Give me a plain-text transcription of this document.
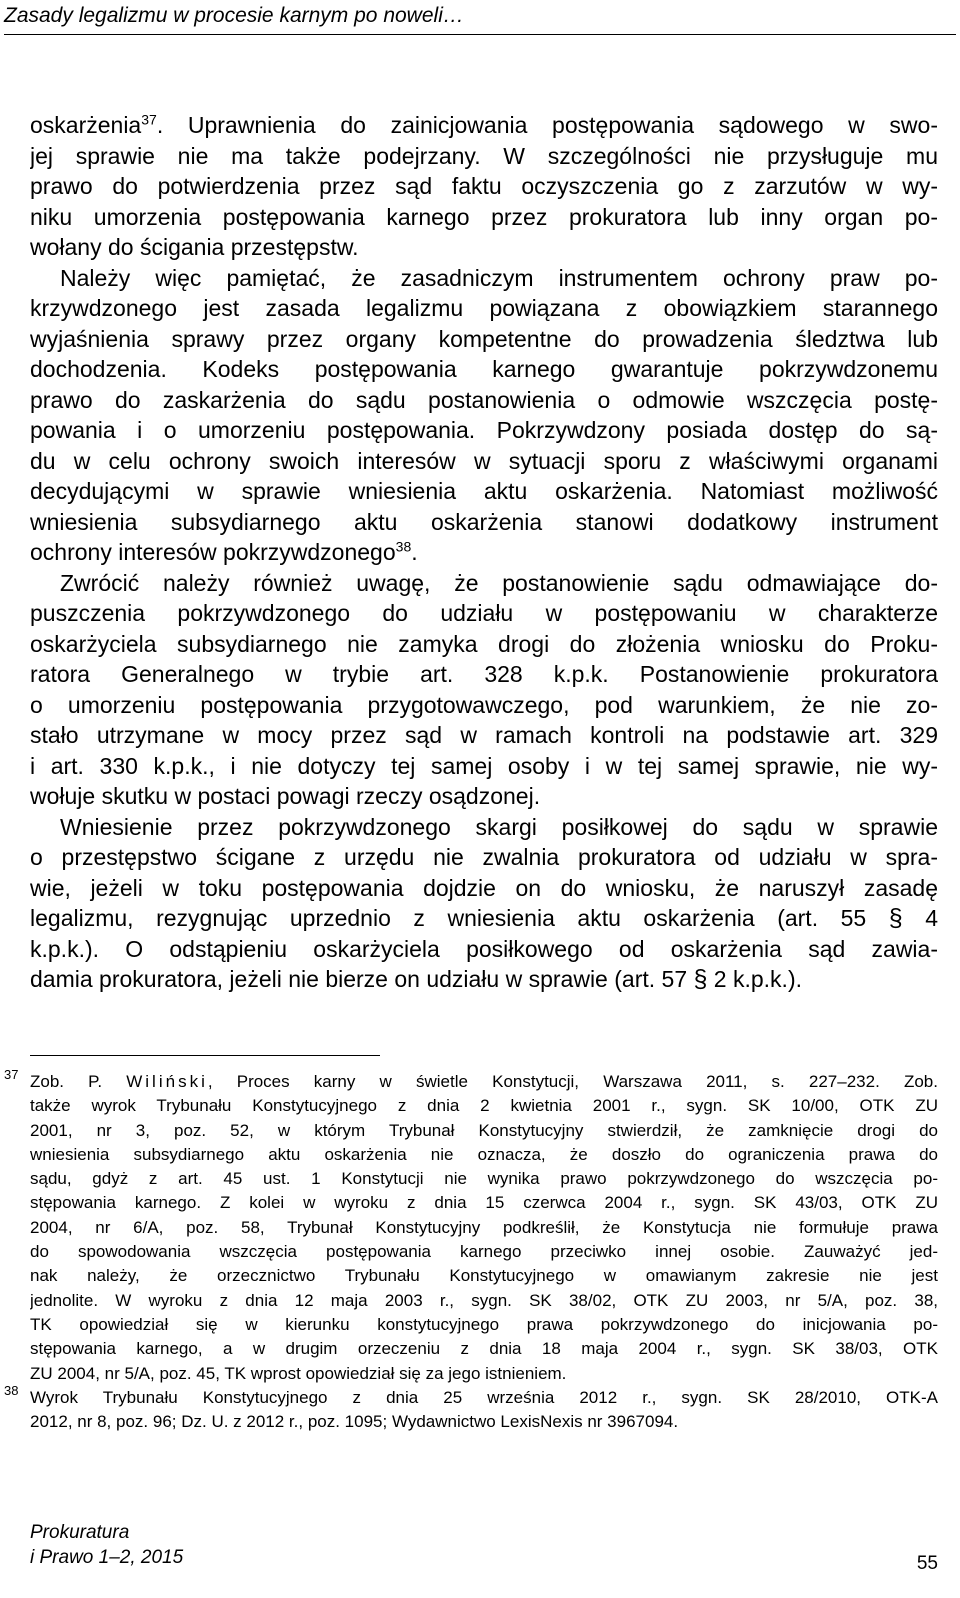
Zasady legalizmu w procesie karnym po noweli…

oskarżenia$^{37}$. Uprawnienia do zainicjowania postępowania sądowego w swo-
jej sprawie nie ma także podejrzany. W szczególności nie przysługuje mu
prawo do potwierdzenia przez sąd faktu oczyszczenia go z zarzutów w wy-
niku umorzenia postępowania karnego przez prokuratora lub inny organ po-
wołany do ścigania przestępstw.

Należy więc pamiętać, że zasadniczym instrumentem ochrony praw po-
krzywdzonego jest zasada legalizmu powiązana z obowiązkiem starannego
wyjaśnienia sprawy przez organy kompetentne do prowadzenia śledztwa lub
dochodzenia. Kodeks postępowania karnego gwarantuje pokrzywdzonemu
prawo do zaskarżenia do sądu postanowienia o odmowie wszczęcia postę-
powania i o umorzeniu postępowania. Pokrzywdzony posiada dostęp do są-
du w celu ochrony swoich interesów w sytuacji sporu z właściwymi organami
decydującymi w sprawie wniesienia aktu oskarżenia. Natomiast możliwość
wniesienia subsydiarnego aktu oskarżenia stanowi dodatkowy instrument
ochrony interesów pokrzywdzonego$^{38}$.

Zwrócić należy również uwagę, że postanowienie sądu odmawiające do-
puszczenia pokrzywdzonego do udziału w postępowaniu w charakterze
oskarżyciela subsydiarnego nie zamyka drogi do złożenia wniosku do Proku-
ratora Generalnego w trybie art. 328 k.p.k. Postanowienie prokuratora
o umorzeniu postępowania przygotowawczego, pod warunkiem, że nie zo-
stało utrzymane w mocy przez sąd w ramach kontroli na podstawie art. 329
i art. 330 k.p.k., i nie dotyczy tej samej osoby i w tej samej sprawie, nie wy-
wołuje skutku w postaci powagi rzeczy osądzonej.

Wniesienie przez pokrzywdzonego skargi posiłkowej do sądu w sprawie
o przestępstwo ścigane z urzędu nie zwalnia prokuratora od udziału w spra-
wie, jeżeli w toku postępowania dojdzie on do wniosku, że naruszył zasadę
legalizmu, rezygnując uprzednio z wniesienia aktu oskarżenia (art. 55 § 4
k.p.k.). O odstąpieniu oskarżyciela posiłkowego od oskarżenia sąd zawia-
damia prokuratora, jeżeli nie bierze on udziału w sprawie (art. 57 § 2 k.p.k.).

37 Zob. P. Wiliński, Proces karny w świetle Konstytucji, Warszawa 2011, s. 227–232. Zob.
także wyrok Trybunału Konstytucyjnego z dnia 2 kwietnia 2001 r., sygn. SK 10/00, OTK ZU
2001, nr 3, poz. 52, w którym Trybunał Konstytucyjny stwierdził, że zamknięcie drogi do
wniesienia subsydiarnego aktu oskarżenia nie oznacza, że doszło do ograniczenia prawa do
sądu, gdyż z art. 45 ust. 1 Konstytucji nie wynika prawo pokrzywdzonego do wszczęcia po-
stępowania karnego. Z kolei w wyroku z dnia 15 czerwca 2004 r., sygn. SK 43/03, OTK ZU
2004, nr 6/A, poz. 58, Trybunał Konstytucyjny podkreślił, że Konstytucja nie formułuje prawa
do spowodowania wszczęcia postępowania karnego przeciwko innej osobie. Zauważyć jed-
nak należy, że orzecznictwo Trybunału Konstytucyjnego w omawianym zakresie nie jest
jednolite. W wyroku z dnia 12 maja 2003 r., sygn. SK 38/02, OTK ZU 2003, nr 5/A, poz. 38,
TK opowiedział się w kierunku konstytucyjnego prawa pokrzywdzonego do inicjowania po-
stępowania karnego, a w drugim orzeczeniu z dnia 18 maja 2004 r., sygn. SK 38/03, OTK
ZU 2004, nr 5/A, poz. 45, TK wprost opowiedział się za jego istnieniem.
38 Wyrok Trybunału Konstytucyjnego z dnia 25 września 2012 r., sygn. SK 28/2010, OTK-A
2012, nr 8, poz. 96; Dz. U. z 2012 r., poz. 1095; Wydawnictwo LexisNexis nr 3967094.
Prokuratura
i Prawo 1–2, 2015	55
